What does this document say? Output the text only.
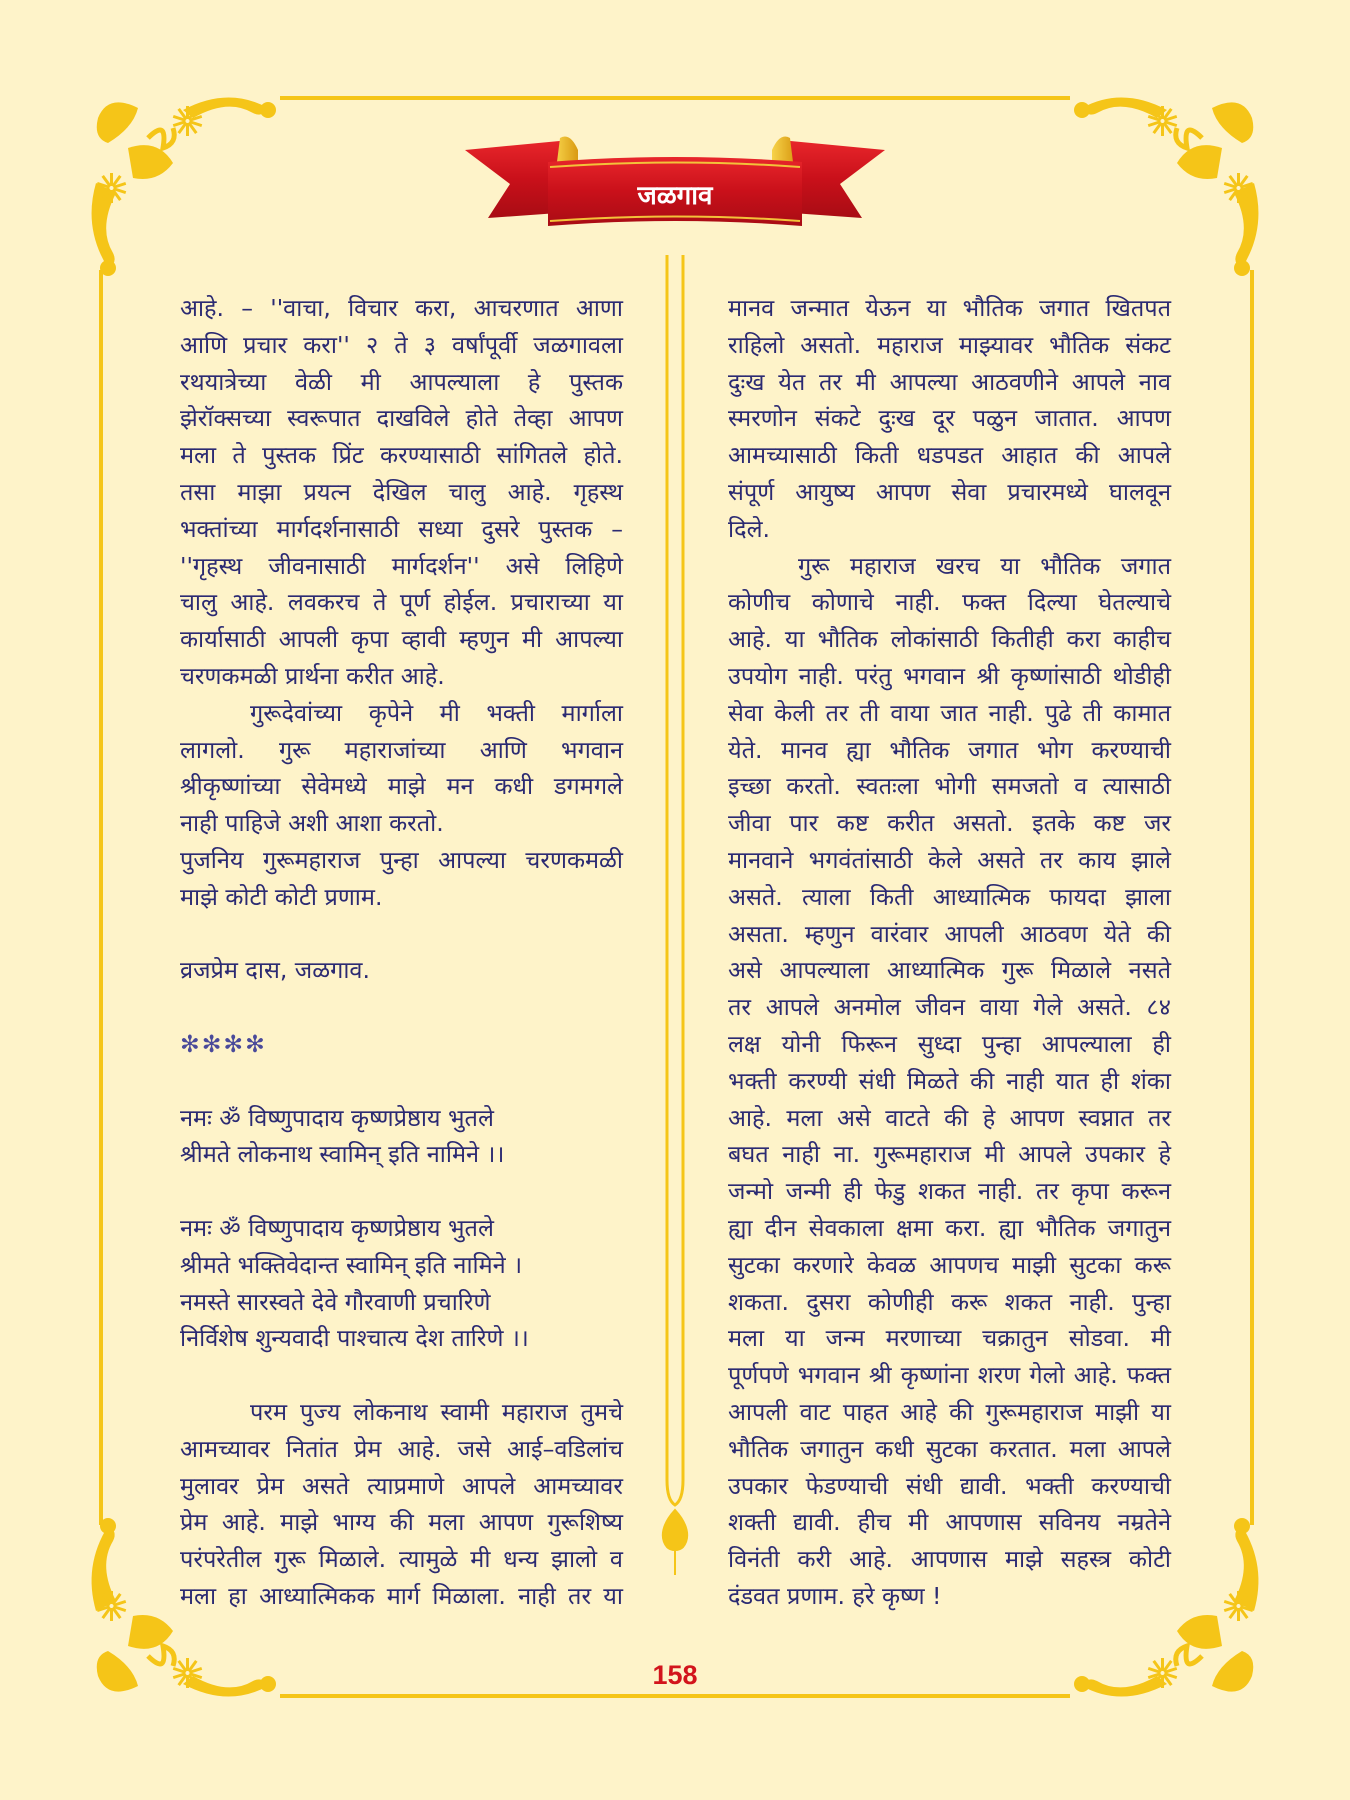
जळगाव
आहे. – ''वाचा, विचार करा, आचरणात आणा
आणि प्रचार करा'' २ ते ३ वर्षांपूर्वी जळगावला
रथयात्रेच्या वेळी मी आपल्याला हे पुस्तक
झेरॉक्सच्या स्वरूपात दाखविले होते तेव्हा आपण
मला ते पुस्तक प्रिंट करण्यासाठी सांगितले होते.
तसा माझा प्रयत्न देखिल चालु आहे. गृहस्थ
भक्तांच्या मार्गदर्शनासाठी सध्या दुसरे पुस्तक –
''गृहस्थ जीवनासाठी मार्गदर्शन'' असे लिहिणे
चालु आहे. लवकरच ते पूर्ण होईल. प्रचाराच्या या
कार्यासाठी आपली कृपा व्हावी म्हणुन मी आपल्या
चरणकमळी प्रार्थना करीत आहे.
गुरूदेवांच्या कृपेने मी भक्ती मार्गाला
लागलो. गुरू महाराजांच्या आणि भगवान
श्रीकृष्णांच्या सेवेमध्ये माझे मन कधी डगमगले
नाही पाहिजे अशी आशा करतो.
पुजनिय गुरूमहाराज पुन्हा आपल्या चरणकमळी
माझे कोटी कोटी प्रणाम.
व्रजप्रेम दास, जळगाव.
✻✻✻✻
नमः ॐ विष्णुपादाय कृष्णप्रेष्ठाय भुतले
श्रीमते लोकनाथ स्वामिन् इति नामिने ।।
नमः ॐ विष्णुपादाय कृष्णप्रेष्ठाय भुतले
श्रीमते भक्तिवेदान्त स्वामिन् इति नामिने ।
नमस्ते सारस्वते देवे गौरवाणी प्रचारिणे
निर्विशेष शुन्यवादी पाश्चात्य देश तारिणे ।।
परम पुज्य लोकनाथ स्वामी महाराज तुमचे
आमच्यावर नितांत प्रेम आहे. जसे आई–वडिलांच
मुलावर प्रेम असते त्याप्रमाणे आपले आमच्यावर
प्रेम आहे. माझे भाग्य की मला आपण गुरूशिष्य
परंपरेतील गुरू मिळाले. त्यामुळे मी धन्य झालो व
मला हा आध्यात्मिकक मार्ग मिळाला. नाही तर या
मानव जन्मात येऊन या भौतिक जगात खितपत
राहिलो असतो. महाराज माझ्यावर भौतिक संकट
दुःख येत तर मी आपल्या आठवणीने आपले नाव
स्मरणोन संकटे दुःख दूर पळुन जातात. आपण
आमच्यासाठी किती धडपडत आहात की आपले
संपूर्ण आयुष्य आपण सेवा प्रचारमध्ये घालवून
दिले.
गुरू महाराज खरच या भौतिक जगात
कोणीच कोणाचे नाही. फक्त दिल्या घेतल्याचे
आहे. या भौतिक लोकांसाठी कितीही करा काहीच
उपयोग नाही. परंतु भगवान श्री कृष्णांसाठी थोडीही
सेवा केली तर ती वाया जात नाही. पुढे ती कामात
येते. मानव ह्या भौतिक जगात भोग करण्याची
इच्छा करतो. स्वतःला भोगी समजतो व त्यासाठी
जीवा पार कष्ट करीत असतो. इतके कष्ट जर
मानवाने भगवंतांसाठी केले असते तर काय झाले
असते. त्याला किती आध्यात्मिक फायदा झाला
असता. म्हणुन वारंवार आपली आठवण येते की
असे आपल्याला आध्यात्मिक गुरू मिळाले नसते
तर आपले अनमोल जीवन वाया गेले असते. ८४
लक्ष योनी फिरून सुध्दा पुन्हा आपल्याला ही
भक्ती करण्यी संधी मिळते की नाही यात ही शंका
आहे. मला असे वाटते की हे आपण स्वप्नात तर
बघत नाही ना. गुरूमहाराज मी आपले उपकार हे
जन्मो जन्मी ही फेडु शकत नाही. तर कृपा करून
ह्या दीन सेवकाला क्षमा करा. ह्या भौतिक जगातुन
सुटका करणारे केवळ आपणच माझी सुटका करू
शकता. दुसरा कोणीही करू शकत नाही. पुन्हा
मला या जन्म मरणाच्या चक्रातुन सोडवा. मी
पूर्णपणे भगवान श्री कृष्णांना शरण गेलो आहे. फक्त
आपली वाट पाहत आहे की गुरूमहाराज माझी या
भौतिक जगातुन कधी सुटका करतात. मला आपले
उपकार फेडण्याची संधी द्यावी. भक्ती करण्याची
शक्ती द्यावी. हीच मी आपणास सविनय नम्रतेने
विनंती करी आहे. आपणास माझे सहस्त्र कोटी
दंडवत प्रणाम. हरे कृष्ण !
158
